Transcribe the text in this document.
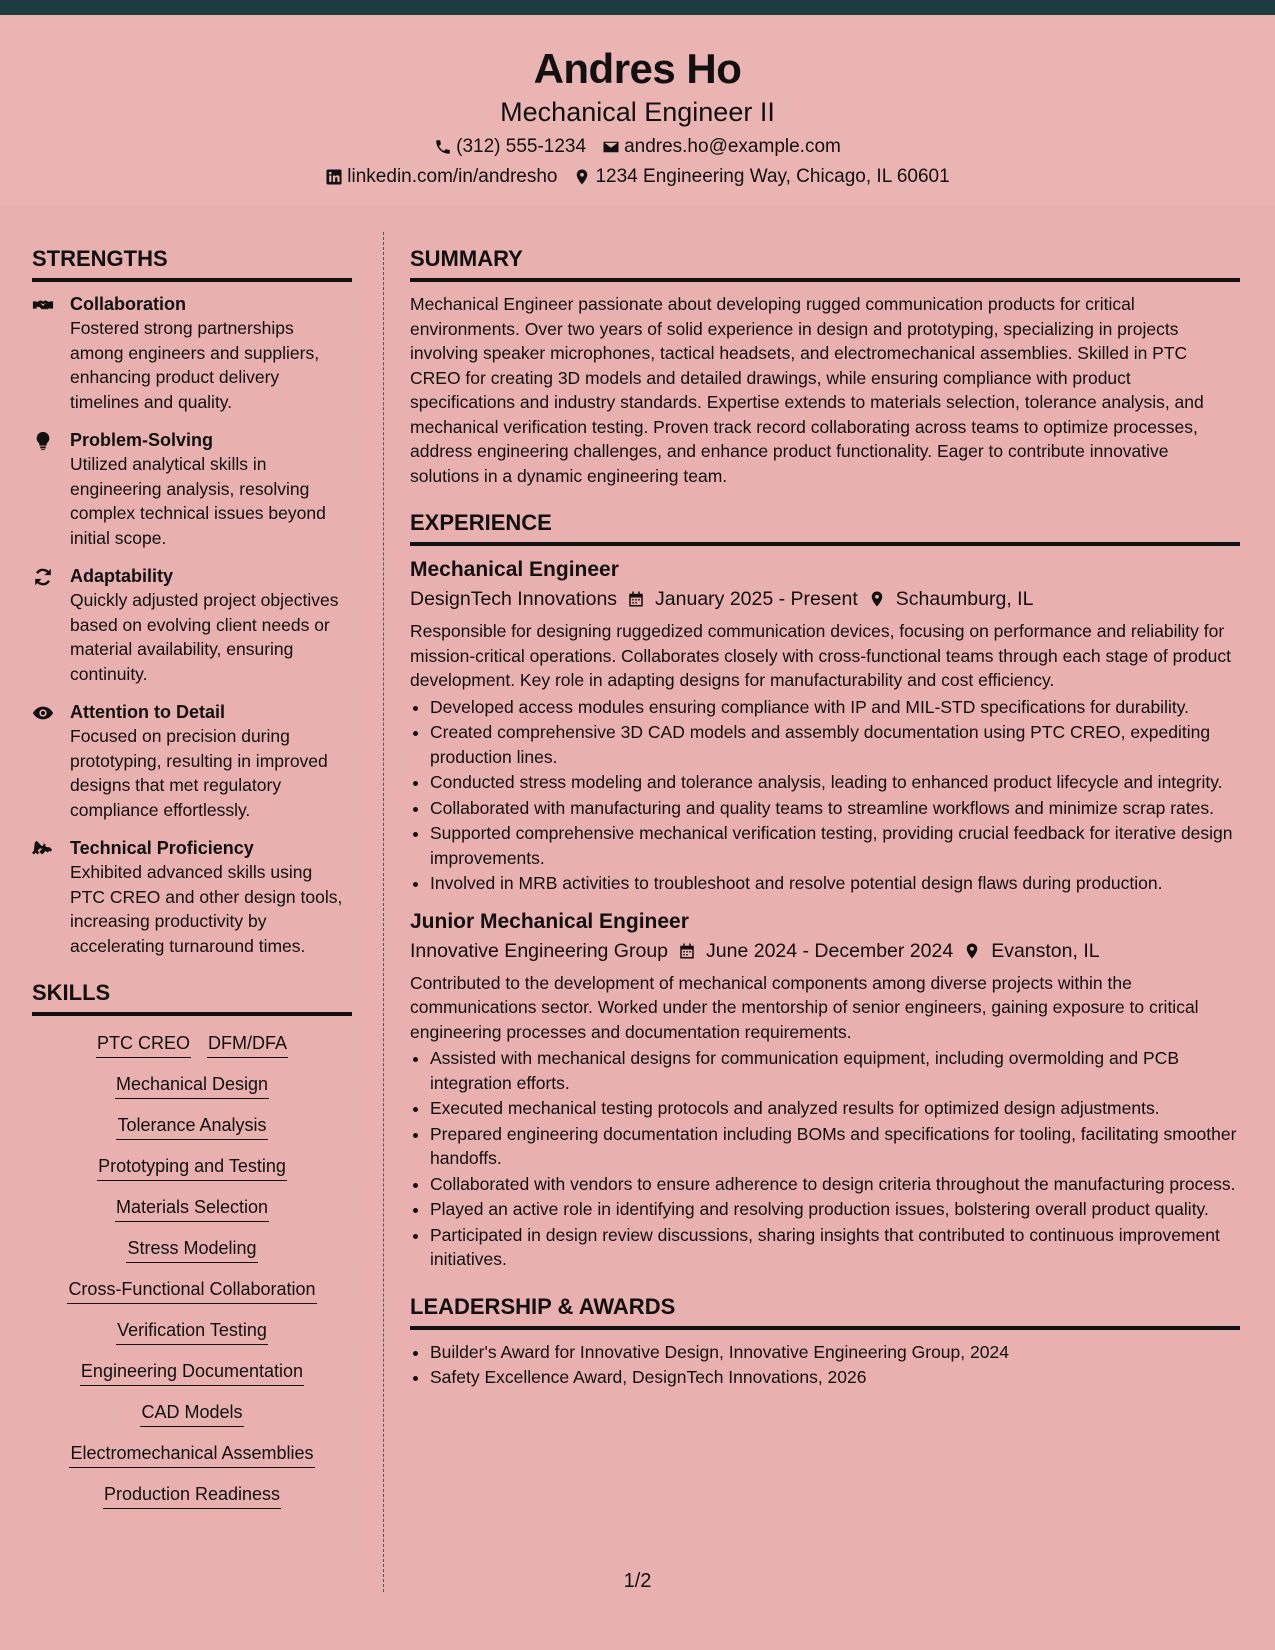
Andres Ho
Mechanical Engineer II
(312) 555-1234 andres.ho@example.com
linkedin.com/in/andresho 1234 Engineering Way, Chicago, IL 60601
STRENGTHS
Collaboration
Fostered strong partnerships among engineers and suppliers, enhancing product delivery timelines and quality.
Problem-Solving
Utilized analytical skills in engineering analysis, resolving complex technical issues beyond initial scope.
Adaptability
Quickly adjusted project objectives based on evolving client needs or material availability, ensuring continuity.
Attention to Detail
Focused on precision during prototyping, resulting in improved designs that met regulatory compliance effortlessly.
Technical Proficiency
Exhibited advanced skills using PTC CREO and other design tools, increasing productivity by accelerating turnaround times.
SKILLS
PTC CREO DFM/DFA
Mechanical Design
Tolerance Analysis
Prototyping and Testing
Materials Selection
Stress Modeling
Cross-Functional Collaboration
Verification Testing
Engineering Documentation
CAD Models
Electromechanical Assemblies
Production Readiness
SUMMARY
Mechanical Engineer passionate about developing rugged communication products for critical environments. Over two years of solid experience in design and prototyping, specializing in projects involving speaker microphones, tactical headsets, and electromechanical assemblies. Skilled in PTC CREO for creating 3D models and detailed drawings, while ensuring compliance with product specifications and industry standards. Expertise extends to materials selection, tolerance analysis, and mechanical verification testing. Proven track record collaborating across teams to optimize processes, address engineering challenges, and enhance product functionality. Eager to contribute innovative solutions in a dynamic engineering team.
EXPERIENCE
Mechanical Engineer
DesignTech Innovations January 2025 - Present Schaumburg, IL
Responsible for designing ruggedized communication devices, focusing on performance and reliability for mission-critical operations. Collaborates closely with cross-functional teams through each stage of product development. Key role in adapting designs for manufacturability and cost efficiency.
• Developed access modules ensuring compliance with IP and MIL-STD specifications for durability.
• Created comprehensive 3D CAD models and assembly documentation using PTC CREO, expediting production lines.
• Conducted stress modeling and tolerance analysis, leading to enhanced product lifecycle and integrity.
• Collaborated with manufacturing and quality teams to streamline workflows and minimize scrap rates.
• Supported comprehensive mechanical verification testing, providing crucial feedback for iterative design improvements.
• Involved in MRB activities to troubleshoot and resolve potential design flaws during production.
Junior Mechanical Engineer
Innovative Engineering Group June 2024 - December 2024 Evanston, IL
Contributed to the development of mechanical components among diverse projects within the communications sector. Worked under the mentorship of senior engineers, gaining exposure to critical engineering processes and documentation requirements.
• Assisted with mechanical designs for communication equipment, including overmolding and PCB integration efforts.
• Executed mechanical testing protocols and analyzed results for optimized design adjustments.
• Prepared engineering documentation including BOMs and specifications for tooling, facilitating smoother handoffs.
• Collaborated with vendors to ensure adherence to design criteria throughout the manufacturing process.
• Played an active role in identifying and resolving production issues, bolstering overall product quality.
• Participated in design review discussions, sharing insights that contributed to continuous improvement initiatives.
LEADERSHIP & AWARDS
• Builder's Award for Innovative Design, Innovative Engineering Group, 2024
• Safety Excellence Award, DesignTech Innovations, 2026
1/2
